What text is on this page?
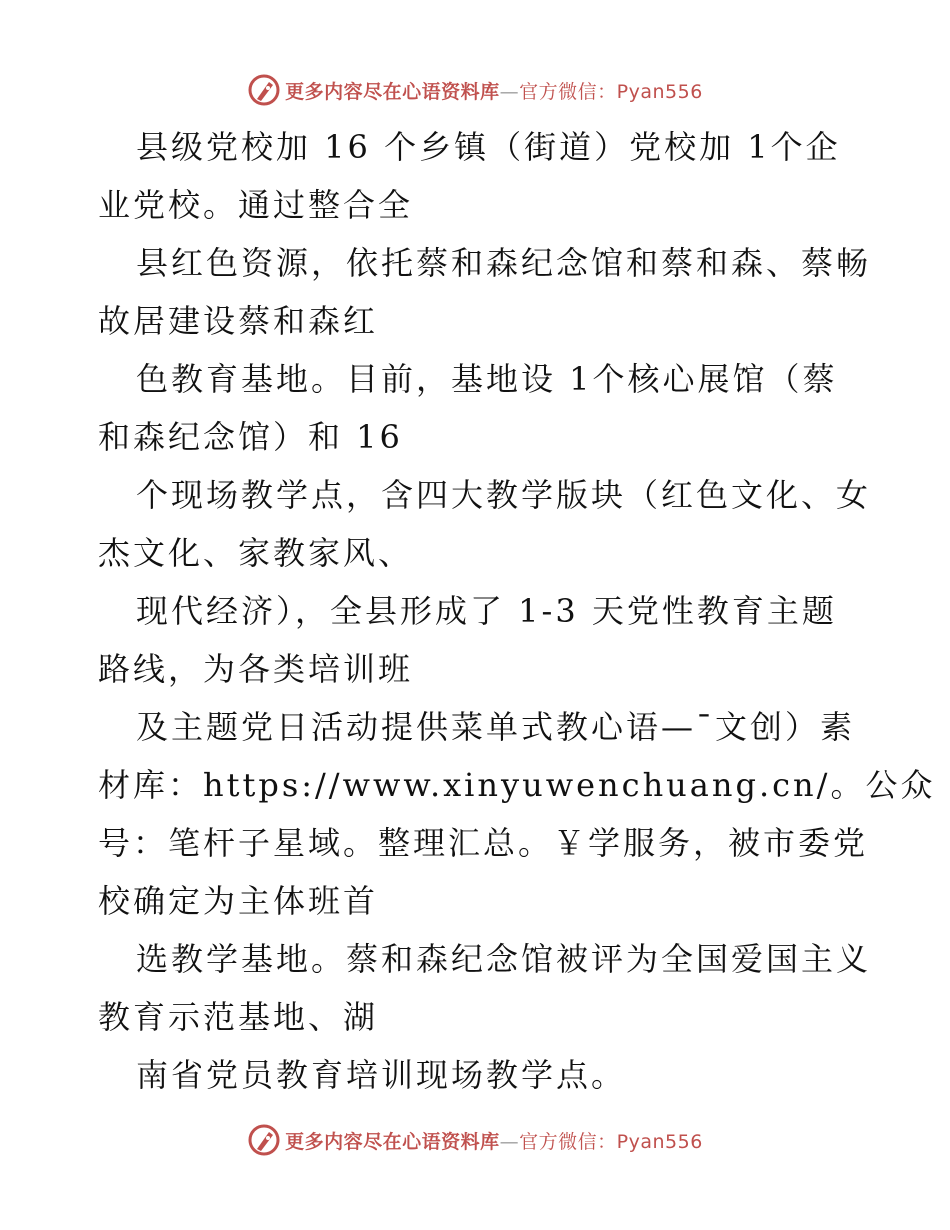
更多内容尽在心语资料库—官方微信：Pyan556

县级党校加 16 个乡镇（街道）党校加 1个企
业党校。通过整合全

县红色资源，依托蔡和森纪念馆和蔡和森、蔡畅
故居建设蔡和森红

色教育基地。目前，基地设 1个核心展馆（蔡
和森纪念馆）和 16

个现场教学点，含四大教学版块（红色文化、女
杰文化、家教家风、

现代经济），全县形成了 1-3 天党性教育主题
路线，为各类培训班

及主题党日活动提供菜单式教心语—¯文创）素
材库：https://www.xinyuwenchuang.cn/。公众
号：笔杆子星域。整理汇总。￥学服务，被市委党
校确定为主体班首

选教学基地。蔡和森纪念馆被评为全国爱国主义
教育示范基地、湖

南省党员教育培训现场教学点。

更多内容尽在心语资料库—官方微信：Pyan556
